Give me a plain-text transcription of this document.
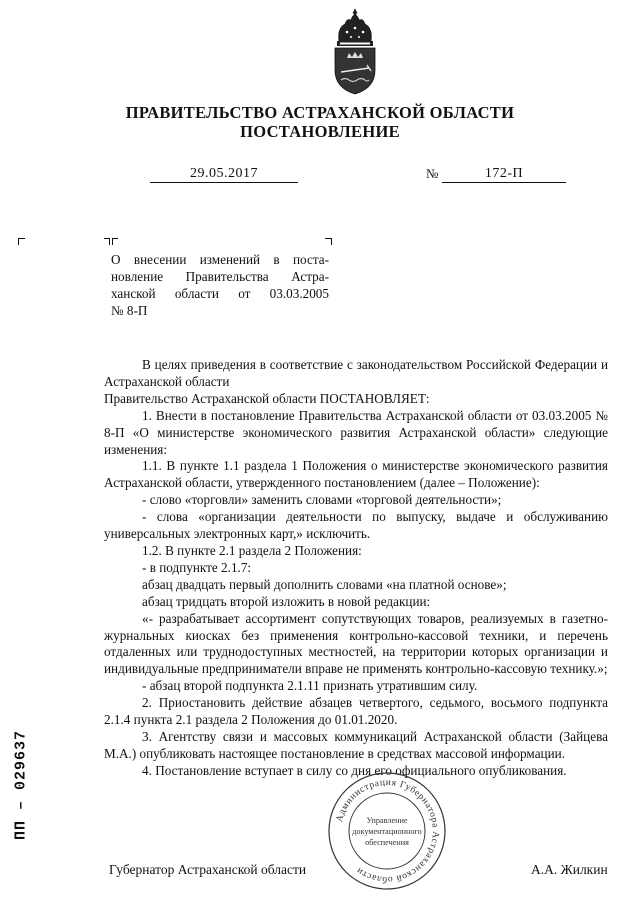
ПРАВИТЕЛЬСТВО АСТРАХАНСКОЙ ОБЛАСТИ
ПОСТАНОВЛЕНИЕ
29.05.2017	№	172-П
О внесении изменений в поста-
новление Правительства Астра-
ханской области от 03.03.2005
№ 8-П

В целях приведения в соответствие с законодательством Российской Федерации и Астраханской области

Правительство Астраханской области ПОСТАНОВЛЯЕТ:

1. Внести в постановление Правительства Астраханской области от 03.03.2005 № 8-П «О министерстве экономического развития Астраханской области» следующие изменения:

1.1. В пункте 1.1 раздела 1 Положения о министерстве экономического развития Астраханской области, утвержденного постановлением (далее – Положение):

- слово «торговли» заменить словами «торговой деятельности»;

- слова «организации деятельности по выпуску, выдаче и обслуживанию универсальных электронных карт,» исключить.

1.2. В пункте 2.1 раздела 2 Положения:

- в подпункте 2.1.7:

абзац двадцать первый дополнить словами «на платной основе»;

абзац тридцать второй изложить в новой редакции:

«- разрабатывает ассортимент сопутствующих товаров, реализуемых в газетно-журнальных киосках без применения контрольно-кассовой техники, и перечень отдаленных или труднодоступных местностей, на территории которых организации и индивидуальные предприниматели вправе не применять контрольно-кассовую технику.»;

- абзац второй подпункта 2.1.11 признать утратившим силу.

2. Приостановить действие абзацев четвертого, седьмого, восьмого подпункта 2.1.4 пункта 2.1 раздела 2 Положения до 01.01.2020.

3. Агентству связи и массовых коммуникаций Астраханской области (Зайцева М.А.) опубликовать настоящее постановление в средствах массовой информации.

4. Постановление вступает в силу со дня его официального опубликования.

ПП – 029637	Администрация Губернатора Астраханской области
Управление
документационного
обеспечения
Губернатор Астраханской области	А.А. Жилкин
